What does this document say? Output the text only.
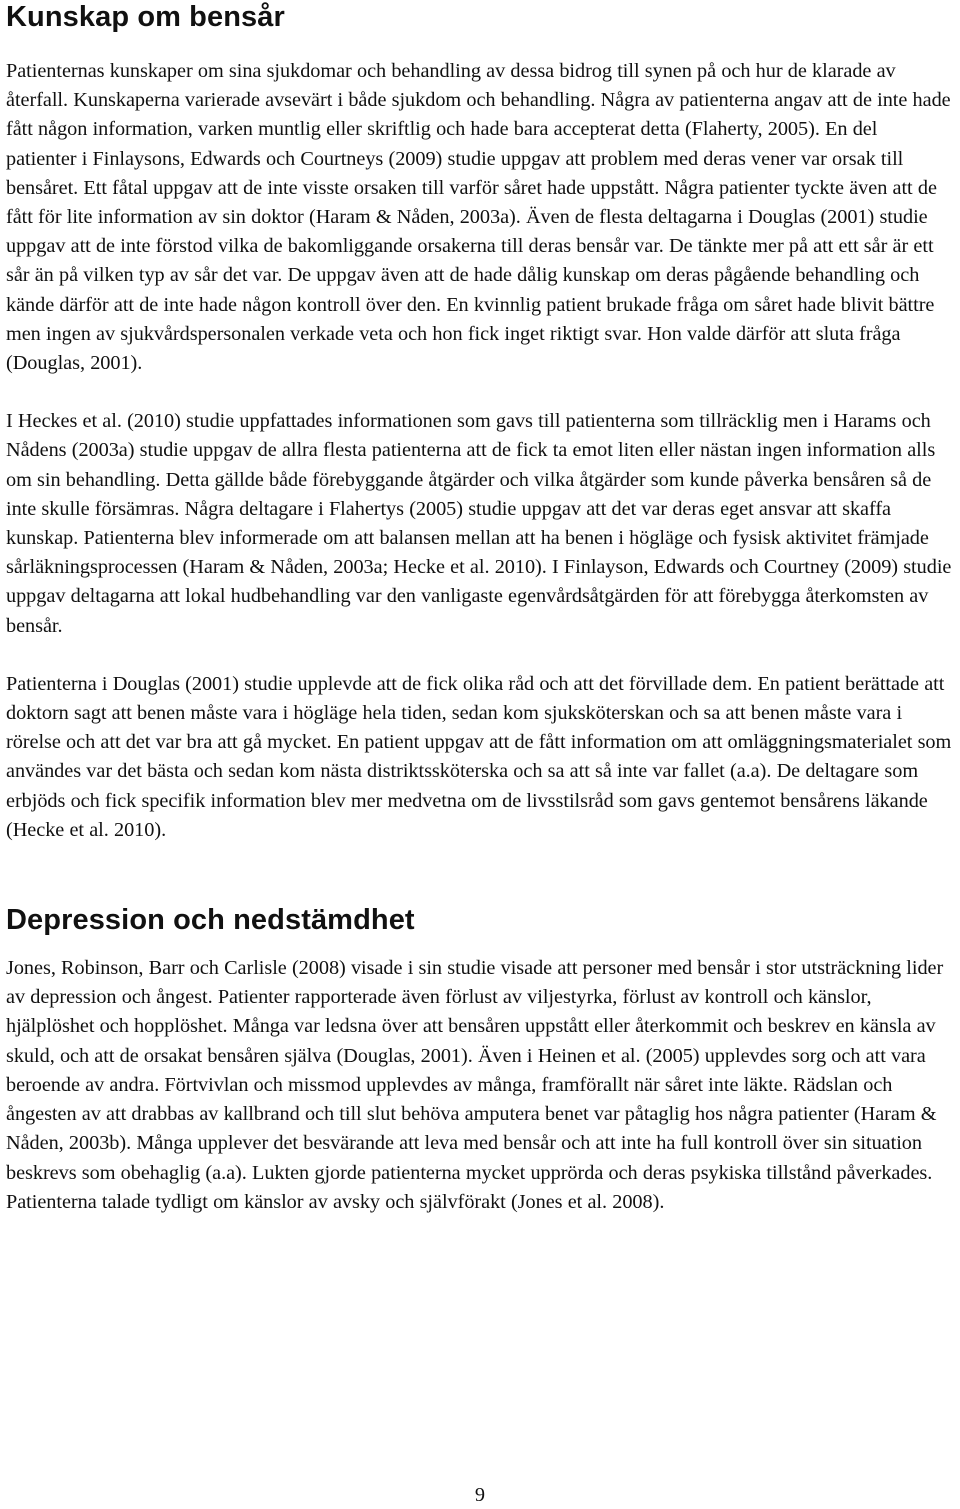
Kunskap om bensår

Patienternas kunskaper om sina sjukdomar och behandling av dessa bidrog till synen på och hur de klarade av återfall. Kunskaperna varierade avsevärt i både sjukdom och behandling. Några av patienterna angav att de inte hade fått någon information, varken muntlig eller skriftlig och hade bara accepterat detta (Flaherty, 2005). En del patienter i Finlaysons, Edwards och Courtneys (2009) studie uppgav att problem med deras vener var orsak till bensåret. Ett fåtal uppgav att de inte visste orsaken till varför såret hade uppstått. Några patienter tyckte även att de fått för lite information av sin doktor (Haram & Nåden, 2003a). Även de flesta deltagarna i Douglas (2001) studie uppgav att de inte förstod vilka de bakomliggande orsakerna till deras bensår var. De tänkte mer på att ett sår är ett sår än på vilken typ av sår det var. De uppgav även att de hade dålig kunskap om deras pågående behandling och kände därför att de inte hade någon kontroll över den. En kvinnlig patient brukade fråga om såret hade blivit bättre men ingen av sjukvårdspersonalen verkade veta och hon fick inget riktigt svar. Hon valde därför att sluta fråga (Douglas, 2001).

I Heckes et al. (2010) studie uppfattades informationen som gavs till patienterna som tillräcklig men i Harams och Nådens (2003a) studie uppgav de allra flesta patienterna att de fick ta emot liten eller nästan ingen information alls om sin behandling. Detta gällde både förebyggande åtgärder och vilka åtgärder som kunde påverka bensåren så de inte skulle försämras. Några deltagare i Flahertys (2005) studie uppgav att det var deras eget ansvar att skaffa kunskap. Patienterna blev informerade om att balansen mellan att ha benen i högläge och fysisk aktivitet främjade sårläkningsprocessen (Haram & Nåden, 2003a; Hecke et al. 2010). I Finlayson, Edwards och Courtney (2009) studie uppgav deltagarna att lokal hudbehandling var den vanligaste egenvårdsåtgärden för att förebygga återkomsten av bensår.

Patienterna i Douglas (2001) studie upplevde att de fick olika råd och att det förvillade dem. En patient berättade att doktorn sagt att benen måste vara i högläge hela tiden, sedan kom sjuksköterskan och sa att benen måste vara i rörelse och att det var bra att gå mycket. En patient uppgav att de fått information om att omläggningsmaterialet som användes var det bästa och sedan kom nästa distriktssköterska och sa att så inte var fallet (a.a). De deltagare som erbjöds och fick specifik information blev mer medvetna om de livsstilsråd som gavs gentemot bensårens läkande (Hecke et al. 2010).

Depression och nedstämdhet

Jones, Robinson, Barr och Carlisle (2008) visade i sin studie visade att personer med bensår i stor utsträckning lider av depression och ångest. Patienter rapporterade även förlust av viljestyrka, förlust av kontroll och känslor, hjälplöshet och hopplöshet. Många var ledsna över att bensåren uppstått eller återkommit och beskrev en känsla av skuld, och att de orsakat bensåren själva (Douglas, 2001). Även i Heinen et al. (2005) upplevdes sorg och att vara beroende av andra. Förtvivlan och missmod upplevdes av många, framförallt när såret inte läkte. Rädslan och ångesten av att drabbas av kallbrand och till slut behöva amputera benet var påtaglig hos några patienter (Haram & Nåden, 2003b). Många upplever det besvärande att leva med bensår och att inte ha full kontroll över sin situation beskrevs som obehaglig (a.a). Lukten gjorde patienterna mycket upprörda och deras psykiska tillstånd påverkades. Patienterna talade tydligt om känslor av avsky och självförakt (Jones et al. 2008).

9
